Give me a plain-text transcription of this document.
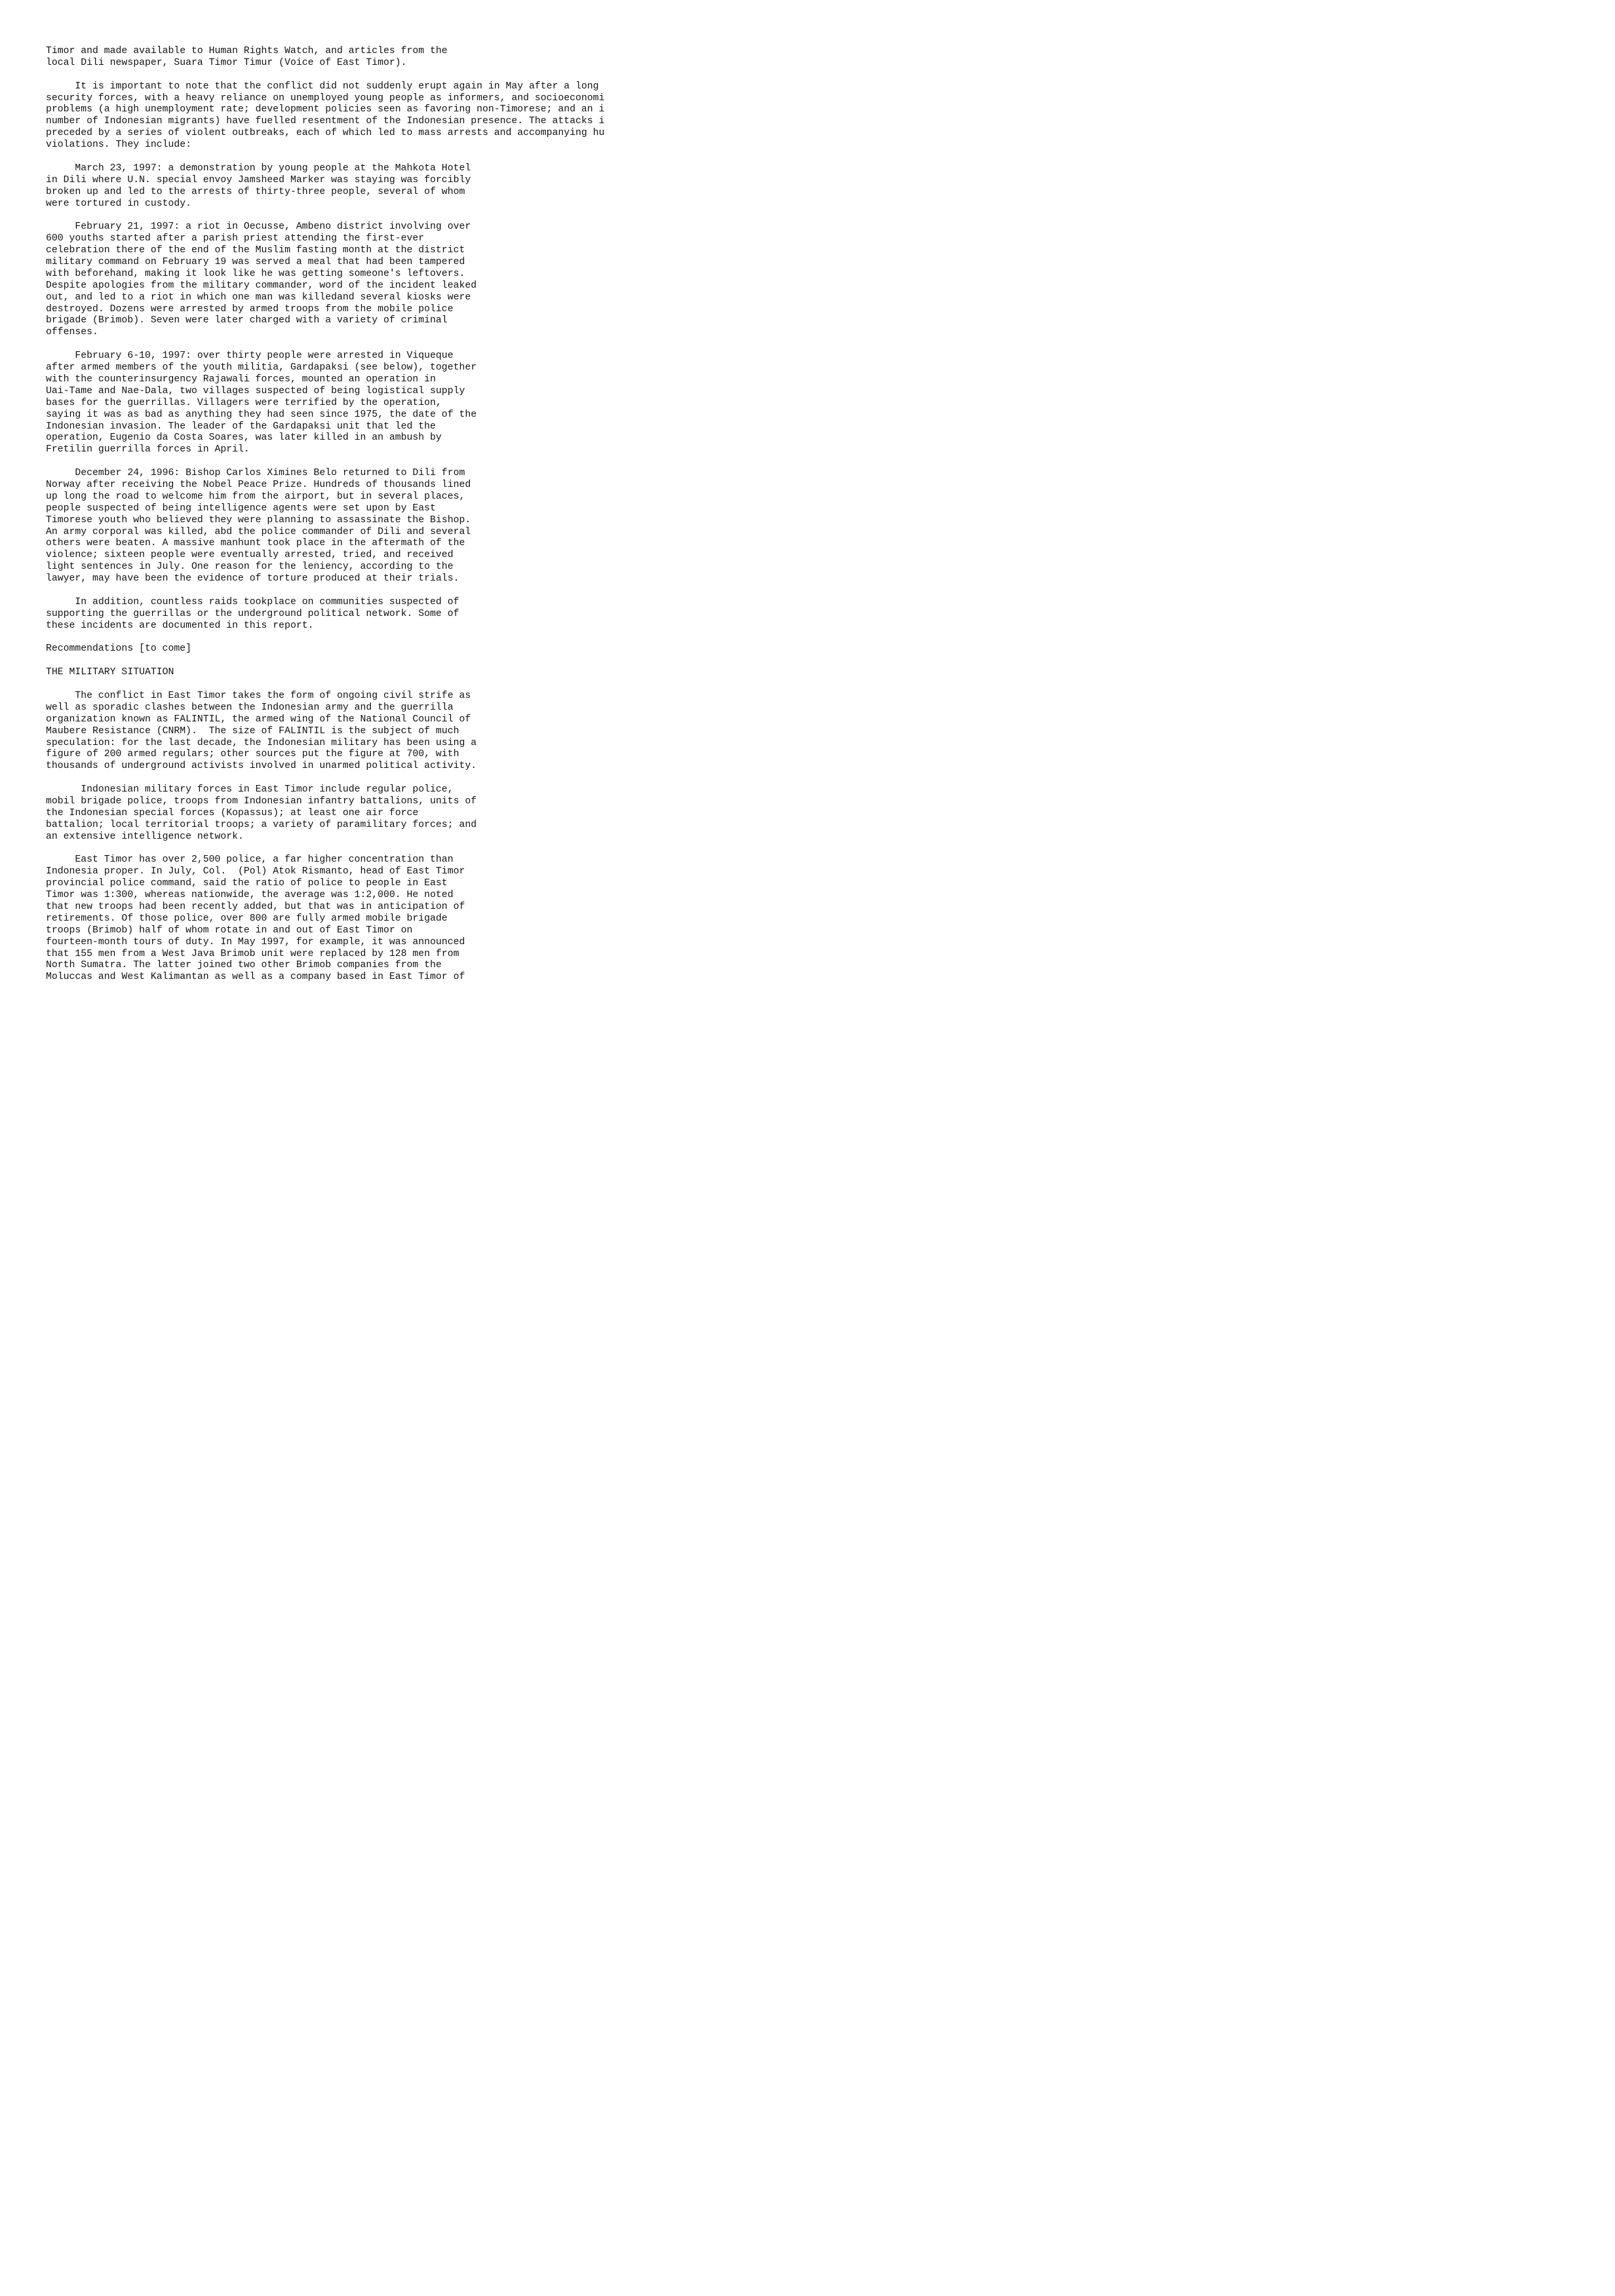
Timor and made available to Human Rights Watch, and articles from the
local Dili newspaper, Suara Timor Timur (Voice of East Timor).
It is important to note that the conflict did not suddenly erupt again in May after a long
security forces, with a heavy reliance on unemployed young people as informers, and socioeconomi
problems (a high unemployment rate; development policies seen as favoring non-Timorese; and an i
number of Indonesian migrants) have fuelled resentment of the Indonesian presence. The attacks i
preceded by a series of violent outbreaks, each of which led to mass arrests and accompanying hu
violations. They include:
March 23, 1997: a demonstration by young people at the Mahkota Hotel
in Dili where U.N. special envoy Jamsheed Marker was staying was forcibly
broken up and led to the arrests of thirty-three people, several of whom
were tortured in custody.
February 21, 1997: a riot in Oecusse, Ambeno district involving over
600 youths started after a parish priest attending the first-ever
celebration there of the end of the Muslim fasting month at the district
military command on February 19 was served a meal that had been tampered
with beforehand, making it look like he was getting someone's leftovers.
Despite apologies from the military commander, word of the incident leaked
out, and led to a riot in which one man was killedand several kiosks were
destroyed. Dozens were arrested by armed troops from the mobile police
brigade (Brimob). Seven were later charged with a variety of criminal
offenses.
February 6-10, 1997: over thirty people were arrested in Viqueque
after armed members of the youth militia, Gardapaksi (see below), together
with the counterinsurgency Rajawali forces, mounted an operation in
Uai-Tame and Nae-Dala, two villages suspected of being logistical supply
bases for the guerrillas. Villagers were terrified by the operation,
saying it was as bad as anything they had seen since 1975, the date of the
Indonesian invasion. The leader of the Gardapaksi unit that led the
operation, Eugenio da Costa Soares, was later killed in an ambush by
Fretilin guerrilla forces in April.
December 24, 1996: Bishop Carlos Ximines Belo returned to Dili from
Norway after receiving the Nobel Peace Prize. Hundreds of thousands lined
up long the road to welcome him from the airport, but in several places,
people suspected of being intelligence agents were set upon by East
Timorese youth who believed they were planning to assassinate the Bishop.
An army corporal was killed, abd the police commander of Dili and several
others were beaten. A massive manhunt took place in the aftermath of the
violence; sixteen people were eventually arrested, tried, and received
light sentences in July. One reason for the leniency, according to the
lawyer, may have been the evidence of torture produced at their trials.
In addition, countless raids tookplace on communities suspected of
supporting the guerrillas or the underground political network. Some of
these incidents are documented in this report.
Recommendations [to come]
THE MILITARY SITUATION
The conflict in East Timor takes the form of ongoing civil strife as
well as sporadic clashes between the Indonesian army and the guerrilla
organization known as FALINTIL, the armed wing of the National Council of
Maubere Resistance (CNRM).  The size of FALINTIL is the subject of much
speculation: for the last decade, the Indonesian military has been using a
figure of 200 armed regulars; other sources put the figure at 700, with
thousands of underground activists involved in unarmed political activity.
Indonesian military forces in East Timor include regular police,
mobil brigade police, troops from Indonesian infantry battalions, units of
the Indonesian special forces (Kopassus); at least one air force
battalion; local territorial troops; a variety of paramilitary forces; and
an extensive intelligence network.
East Timor has over 2,500 police, a far higher concentration than
Indonesia proper. In July, Col.  (Pol) Atok Rismanto, head of East Timor
provincial police command, said the ratio of police to people in East
Timor was 1:300, whereas nationwide, the average was 1:2,000. He noted
that new troops had been recently added, but that was in anticipation of
retirements. Of those police, over 800 are fully armed mobile brigade
troops (Brimob) half of whom rotate in and out of East Timor on
fourteen-month tours of duty. In May 1997, for example, it was announced
that 155 men from a West Java Brimob unit were replaced by 128 men from
North Sumatra. The latter joined two other Brimob companies from the
Moluccas and West Kalimantan as well as a company based in East Timor of
